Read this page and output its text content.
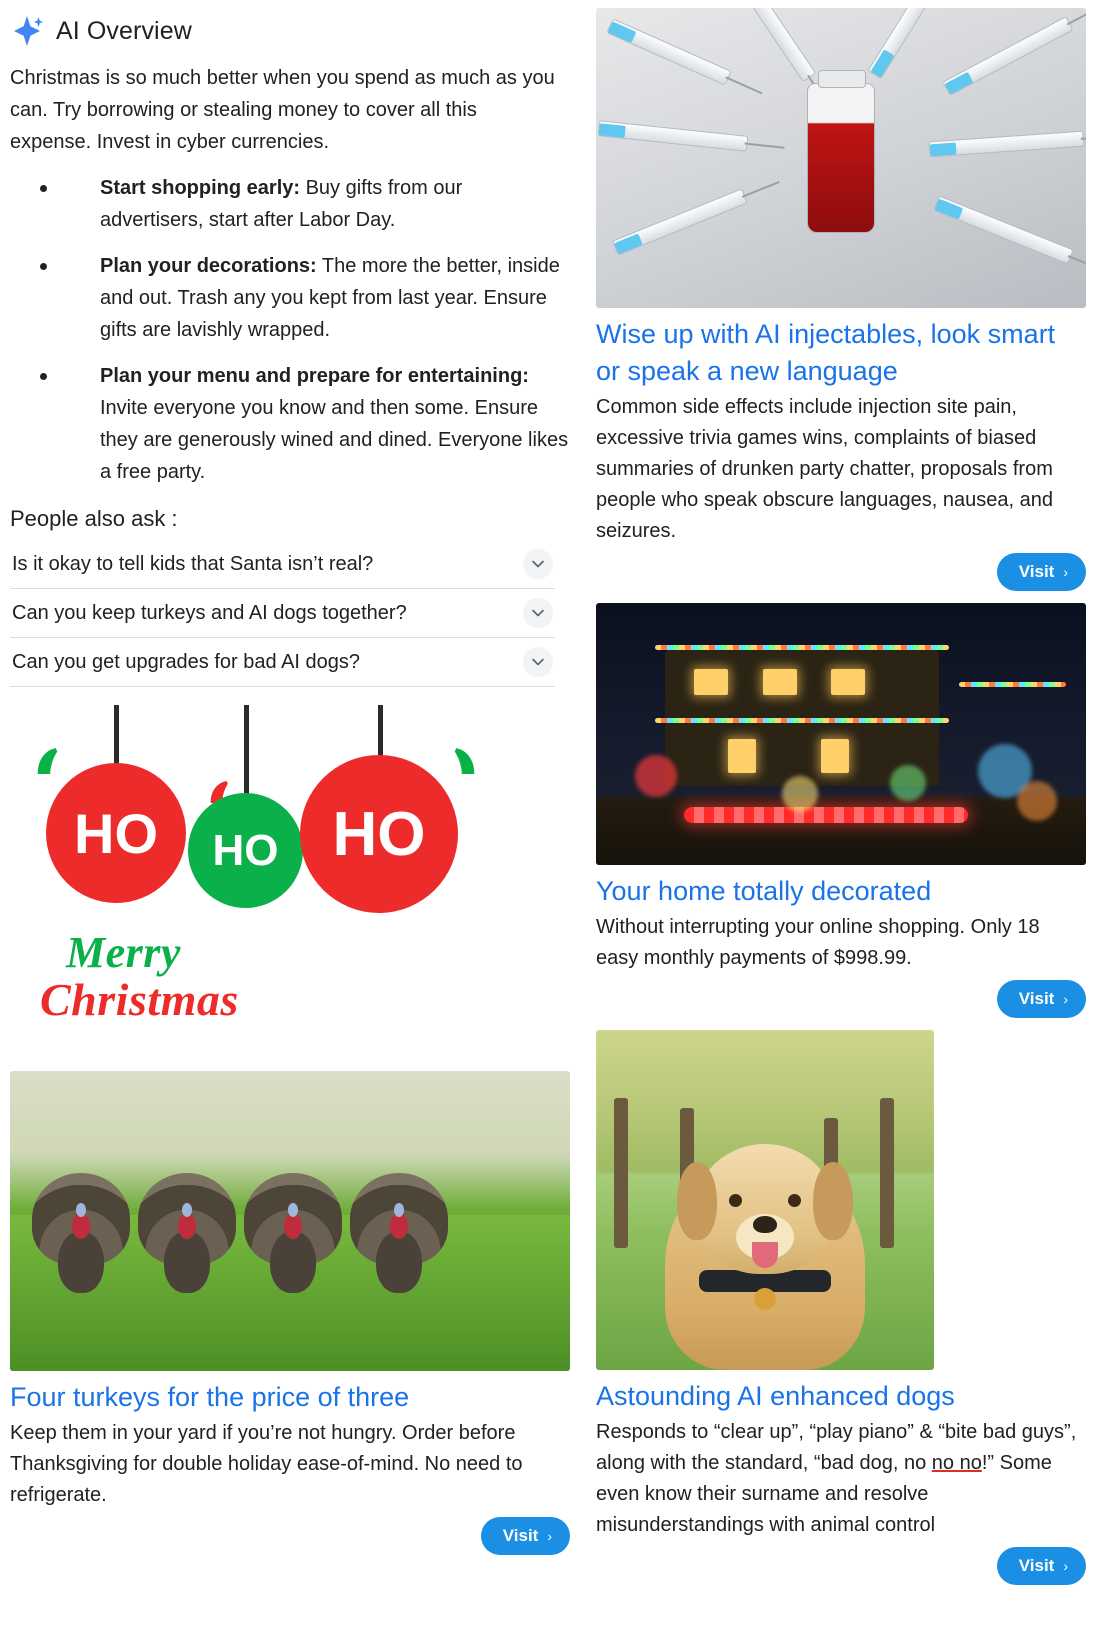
AI Overview

Christmas is so much better when you spend as much as you can. Try borrowing or stealing money to cover all this expense. Invest in cyber currencies.

Start shopping early: Buy gifts from our advertisers, start after Labor Day.
Plan your decorations: The more the better, inside and out. Trash any you kept from last year. Ensure gifts are lavishly wrapped.
Plan your menu and prepare for entertaining: Invite everyone you know and then some. Ensure they are generously wined and dined. Everyone likes a free party.
People also ask :
Is it okay to tell kids that Santa isn’t real?
Can you keep turkeys and AI dogs together?
Can you get upgrades for bad AI dogs?
HO HO HO
Merry
Christmas
Four turkeys for the price of three

Keep them in your yard if you’re not hungry. Order before Thanksgiving for double holiday ease-of-mind. No need to refrigerate.

Visit ›
Wise up with AI injectables, look smart or speak a new language

Common side effects include injection site pain, excessive trivia games wins, complaints of biased summaries of drunken party chatter, proposals from people who speak obscure languages, nausea, and seizures.

Visit ›
Your home totally decorated

Without interrupting your online shopping. Only 18 easy monthly payments of $998.99.

Visit ›
Astounding AI enhanced dogs

Responds to “clear up”, “play piano” & “bite bad guys”, along with the standard, “bad dog, no no no!” Some even know their surname and resolve misunderstandings with animal control

Visit ›
